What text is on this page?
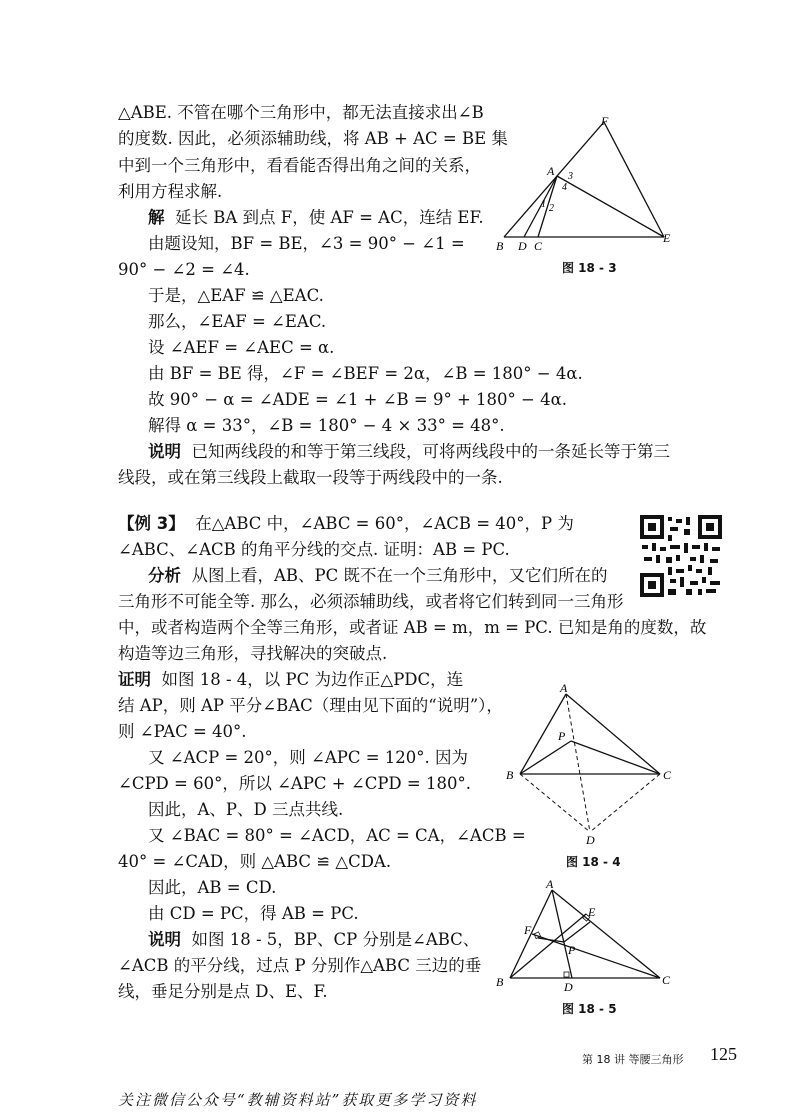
△ABE. 不管在哪个三角形中，都无法直接求出∠B
的度数. 因此，必须添辅助线，将 AB + AC = BE 集
中到一个三角形中，看看能否得出角之间的关系，
利用方程求解.
解 延长 BA 到点 F，使 AF = AC，连结 EF.
由题设知，BF = BE，∠3 = 90° − ∠1 =
90° − ∠2 = ∠4.
于是，△EAF ≌ △EAC.
那么，∠EAF = ∠EAC.
设 ∠AEF = ∠AEC = α.
由 BF = BE 得，∠F = ∠BEF = 2α，∠B = 180° − 4α.
故 90° − α = ∠ADE = ∠1 + ∠B = 9° + 180° − 4α.
解得 α = 33°，∠B = 180° − 4 × 33° = 48°.
说明 已知两线段的和等于第三线段，可将两线段中的一条延长等于第三
线段，或在第三线段上截取一段等于两线段中的一条.
F
A 3
4
1 2
B D C
E
图 18 - 3
【例 3】 在△ABC 中，∠ABC = 60°，∠ACB = 40°，P 为
∠ABC、∠ACB 的角平分线的交点. 证明：AB = PC.
分析 从图上看，AB、PC 既不在一个三角形中，又它们所在的
三角形不可能全等. 那么，必须添辅助线，或者将它们转到同一三角形
中，或者构造两个全等三角形，或者证 AB = m，m = PC. 已知是角的度数，故
构造等边三角形，寻找解决的突破点.
证明 如图 18 - 4，以 PC 为边作正△PDC，连
结 AP，则 AP 平分∠BAC（理由见下面的“说明”），
则 ∠PAC = 40°.
又 ∠ACP = 20°，则 ∠APC = 120°. 因为
∠CPD = 60°，所以 ∠APC + ∠CPD = 180°.
因此，A、P、D 三点共线.
又 ∠BAC = 80° = ∠ACD，AC = CA，∠ACB =
40° = ∠CAD，则 △ABC ≌ △CDA.
因此，AB = CD.
由 CD = PC，得 AB = PC.
A
P
B	C
D
图 18 - 4
说明 如图 18 - 5，BP、CP 分别是∠ABC、
∠ACB 的平分线，过点 P 分别作△ABC 三边的垂
线，垂足分别是点 D、E、F.
A
E
F
P
B	D	C
图 18 - 5
第 18 讲 等腰三角形 125
关注微信公众号“教辅资料站”获取更多学习资料
